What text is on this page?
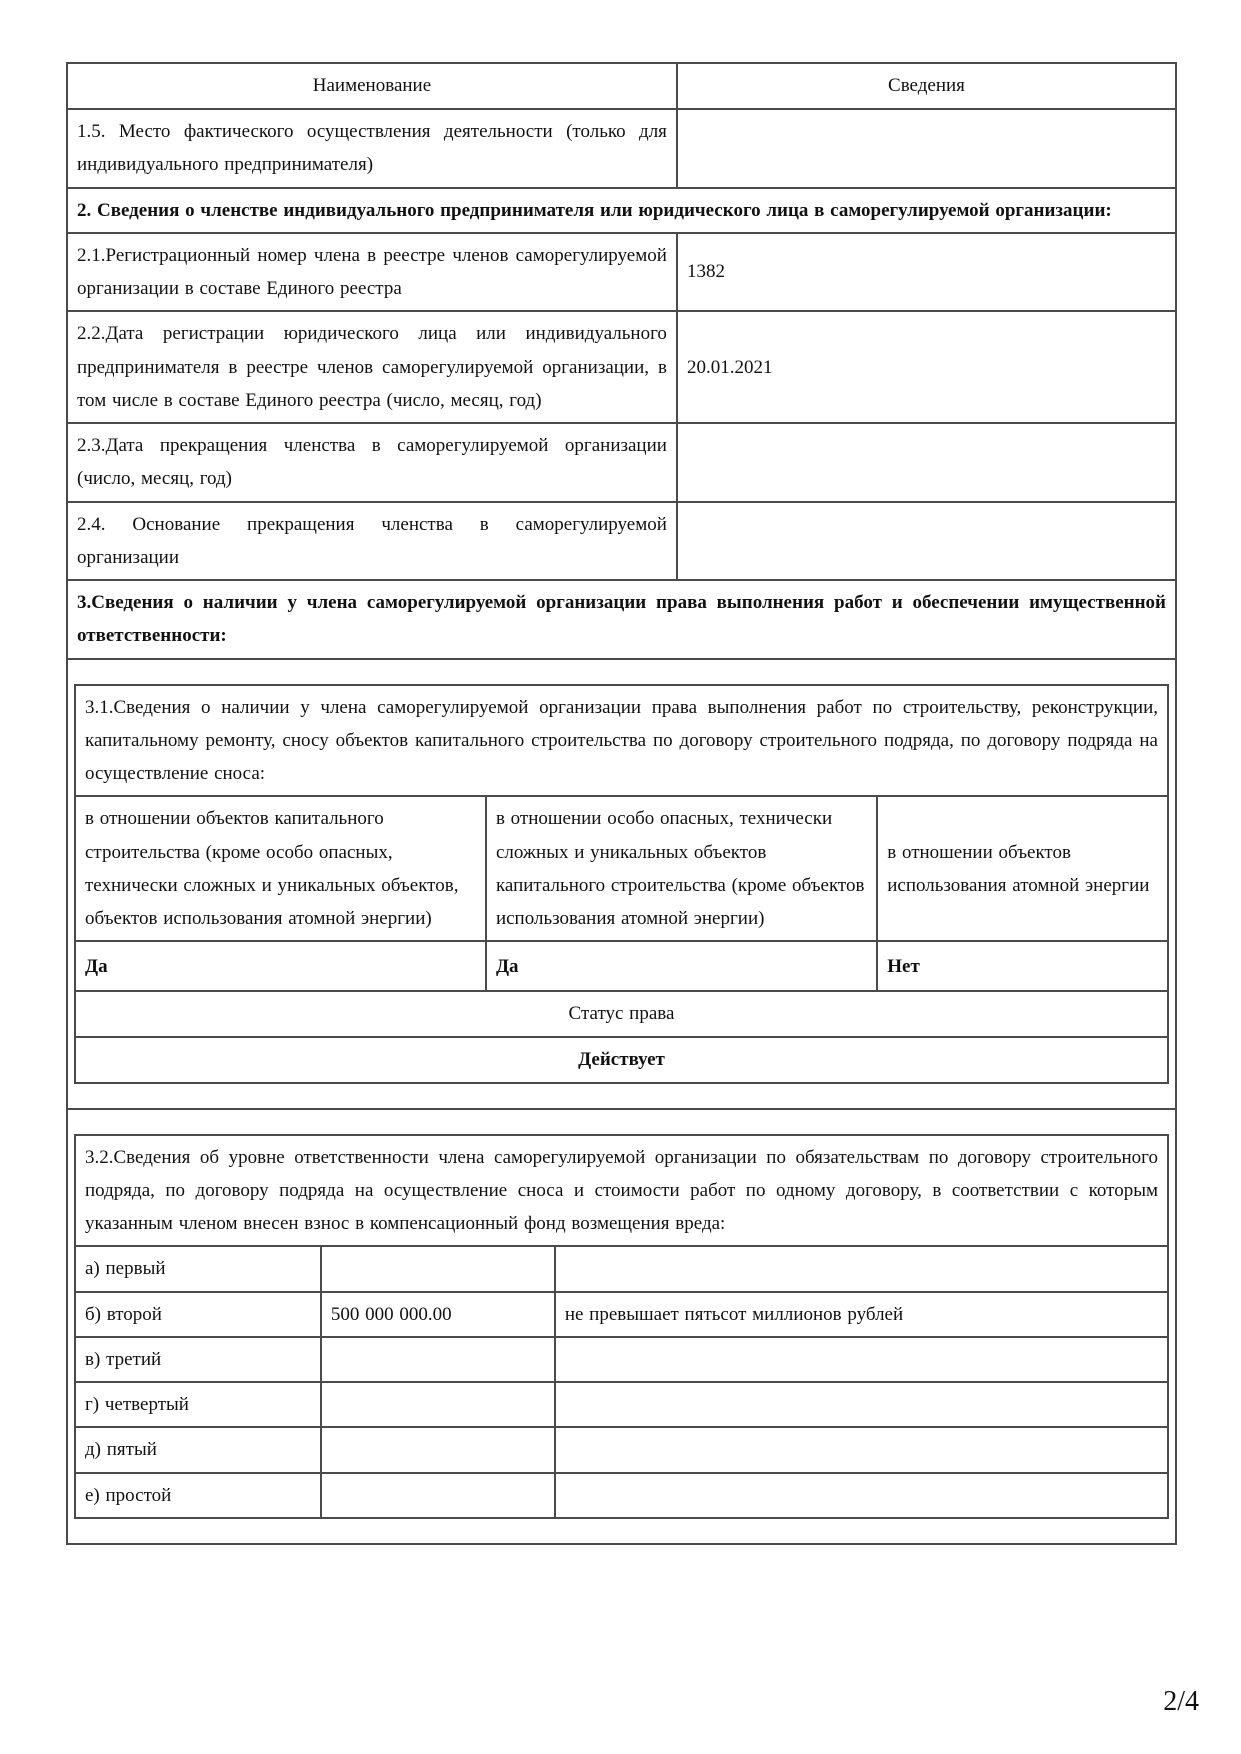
Наименование	Сведения
1.5. Место фактического осуществления деятельности (только для индивидуального предпринимателя)	
2. Сведения о членстве индивидуального предпринимателя или юридического лица в саморегулируемой организации:
2.1.Регистрационный номер члена в реестре членов саморегулируемой организации в составе Единого реестра	1382
2.2.Дата регистрации юридического лица или индивидуального предпринимателя в реестре членов саморегулируемой организации, в том числе в составе Единого реестра (число, месяц, год)	20.01.2021
2.3.Дата прекращения членства в саморегулируемой организации (число, месяц, год)	
2.4. Основание прекращения членства в саморегулируемой организации	
3.Сведения о наличии у члена саморегулируемой организации права выполнения работ и обеспечении имущественной ответственности:

3.1.Сведения о наличии у члена саморегулируемой организации права выполнения работ по строительству, реконструкции, капитальному ремонту, сносу объектов капитального строительства по договору строительного подряда, по договору подряда на осуществление сноса:
в отношении объектов капитального строительства (кроме особо опасных, технически сложных и уникальных объектов, объектов использования атомной энергии)	в отношении особо опасных, технически сложных и уникальных объектов капитального строительства (кроме объектов использования атомной энергии)	в отношении объектов использования атомной энергии
Да	Да	Нет
Статус права
Действует

3.2.Сведения об уровне ответственности члена саморегулируемой организации по обязательствам по договору строительного подряда, по договору подряда на осуществление сноса и стоимости работ по одному договору, в соответствии с которым указанным членом внесен взнос в компенсационный фонд возмещения вреда:
а) первый		
б) второй	500 000 000.00	не превышает пятьсот миллионов рублей
в) третий		
г) четвертый		
д) пятый		
е) простой		
2/4
